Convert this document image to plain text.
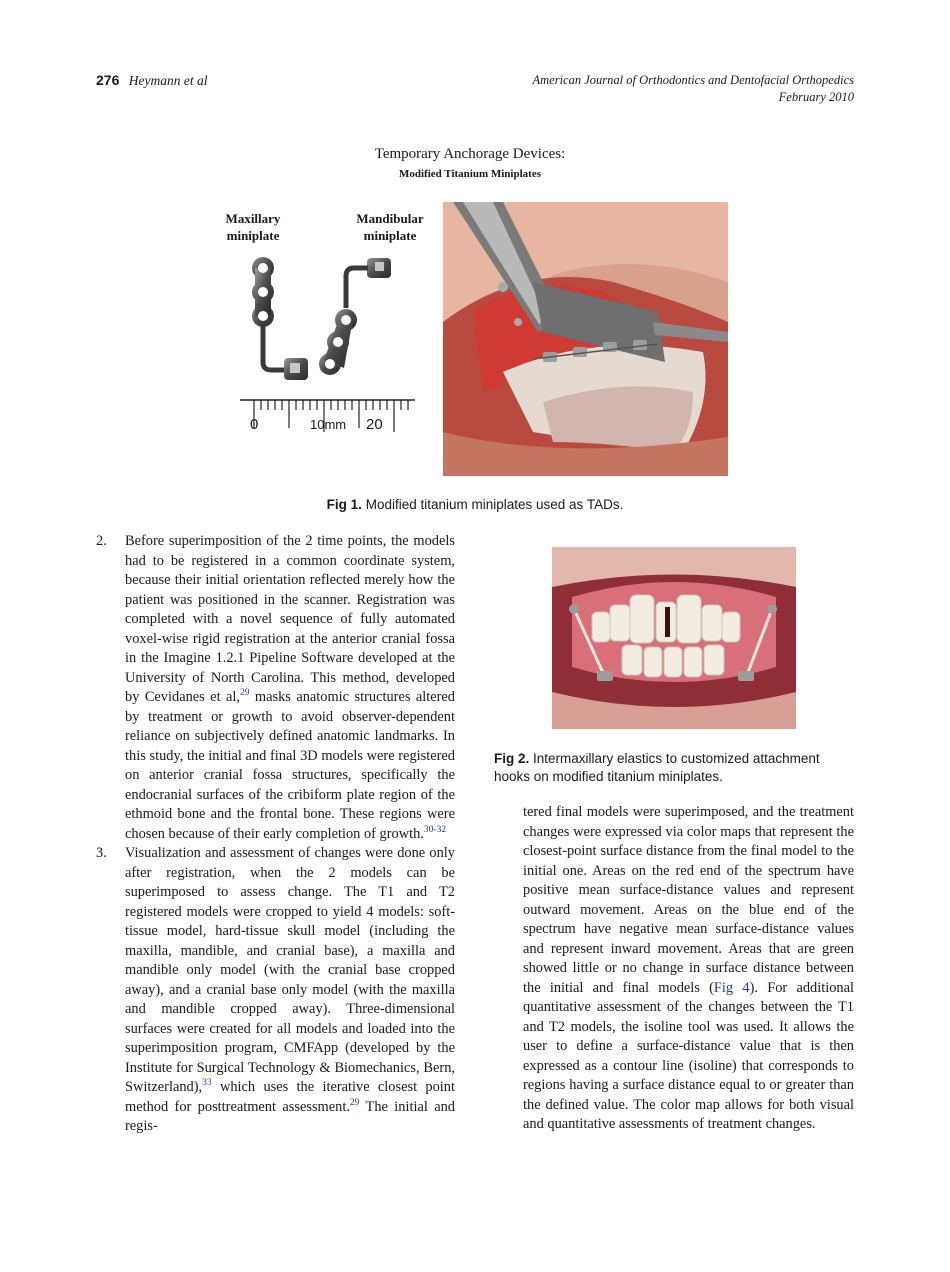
276 Heymann et al	American Journal of Orthodontics and Dentofacial Orthopedics
February 2010
Temporary Anchorage Devices:
Modified Titanium Miniplates
Maxillary
miniplate
Mandibular
miniplate
0	10mm 20
Fig 1. Modified titanium miniplates used as TADs.
Fig 2. Intermaxillary elastics to customized attachment hooks on modified titanium miniplates.
2. Before superimposition of the 2 time points, the models had to be registered in a common coordinate system, because their initial orientation reflected merely how the patient was positioned in the scanner. Registration was completed with a novel sequence of fully automated voxel-wise rigid registration at the anterior cranial fossa in the Imagine 1.2.1 Pipeline Software developed at the University of North Carolina. This method, developed by Cevidanes et al,$^{29}$ masks anatomic structures altered by treatment or growth to avoid observer-dependent reliance on subjectively defined anatomic landmarks. In this study, the initial and final 3D models were registered on anterior cranial fossa structures, specifically the endocranial surfaces of the cribiform plate region of the ethmoid bone and the frontal bone. These regions were chosen because of their early completion of growth.$^{30-32}$
3. Visualization and assessment of changes were done only after registration, when the 2 models can be superimposed to assess change. The T1 and T2 registered models were cropped to yield 4 models: soft-tissue model, hard-tissue skull model (including the maxilla, mandible, and cranial base), a maxilla and mandible only model (with the cranial base cropped away), and a cranial base only model (with the maxilla and mandible cropped away). Three-dimensional surfaces were created for all models and loaded into the superimposition program, CMFApp (developed by the Institute for Surgical Technology & Biomechanics, Bern, Switzerland),$^{33}$ which uses the iterative closest point method for posttreatment assessment.$^{29}$ The initial and regis-
tered final models were superimposed, and the treatment changes were expressed via color maps that represent the closest-point surface distance from the final model to the initial one. Areas on the red end of the spectrum have positive mean surface-distance values and represent outward movement. Areas on the blue end of the spectrum have negative mean surface-distance values and represent inward movement. Areas that are green showed little or no change in surface distance between the initial and final models (Fig 4). For additional quantitative assessment of the changes between the T1 and T2 models, the isoline tool was used. It allows the user to define a surface-distance value that is then expressed as a contour line (isoline) that corresponds to regions having a surface distance equal to or greater than the defined value. The color map allows for both visual and quantitative assessments of treatment changes.
